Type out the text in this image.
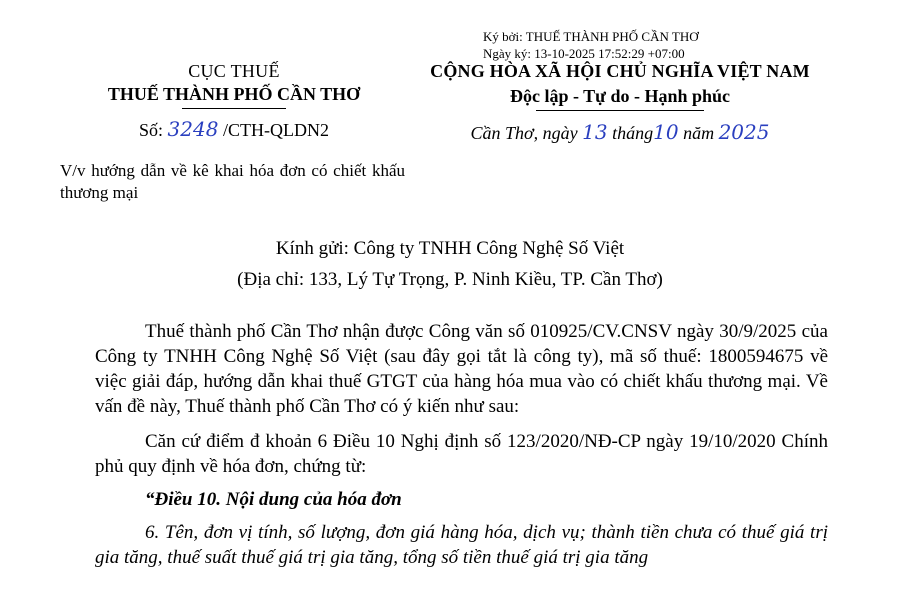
Ký bởi: THUẾ THÀNH PHỐ CẦN THƠ
Ngày ký: 13-10-2025 17:52:29 +07:00
CỤC THUẾ
THUẾ THÀNH PHỐ CẦN THƠ
Số: 3248 /CTH-QLDN2
CỘNG HÒA XÃ HỘI CHỦ NGHĨA VIỆT NAM
Độc lập - Tự do - Hạnh phúc
Cần Thơ, ngày 13 tháng10 năm 2025
V/v hướng dẫn về kê khai hóa đơn có chiết khấu thương mại
Kính gửi: Công ty TNHH Công Nghệ Số Việt
(Địa chỉ: 133, Lý Tự Trọng, P. Ninh Kiều, TP. Cần Thơ)

Thuế thành phố Cần Thơ nhận được Công văn số 010925/CV.CNSV ngày 30/9/2025 của Công ty TNHH Công Nghệ Số Việt (sau đây gọi tắt là công ty), mã số thuế: 1800594675 về việc giải đáp, hướng dẫn khai thuế GTGT của hàng hóa mua vào có chiết khấu thương mại. Về vấn đề này, Thuế thành phố Cần Thơ có ý kiến như sau:

Căn cứ điểm đ khoản 6 Điều 10 Nghị định số 123/2020/NĐ-CP ngày 19/10/2020 Chính phủ quy định về hóa đơn, chứng từ:

“Điều 10. Nội dung của hóa đơn

6. Tên, đơn vị tính, số lượng, đơn giá hàng hóa, dịch vụ; thành tiền chưa có thuế giá trị gia tăng, thuế suất thuế giá trị gia tăng, tổng số tiền thuế giá trị gia tăng
